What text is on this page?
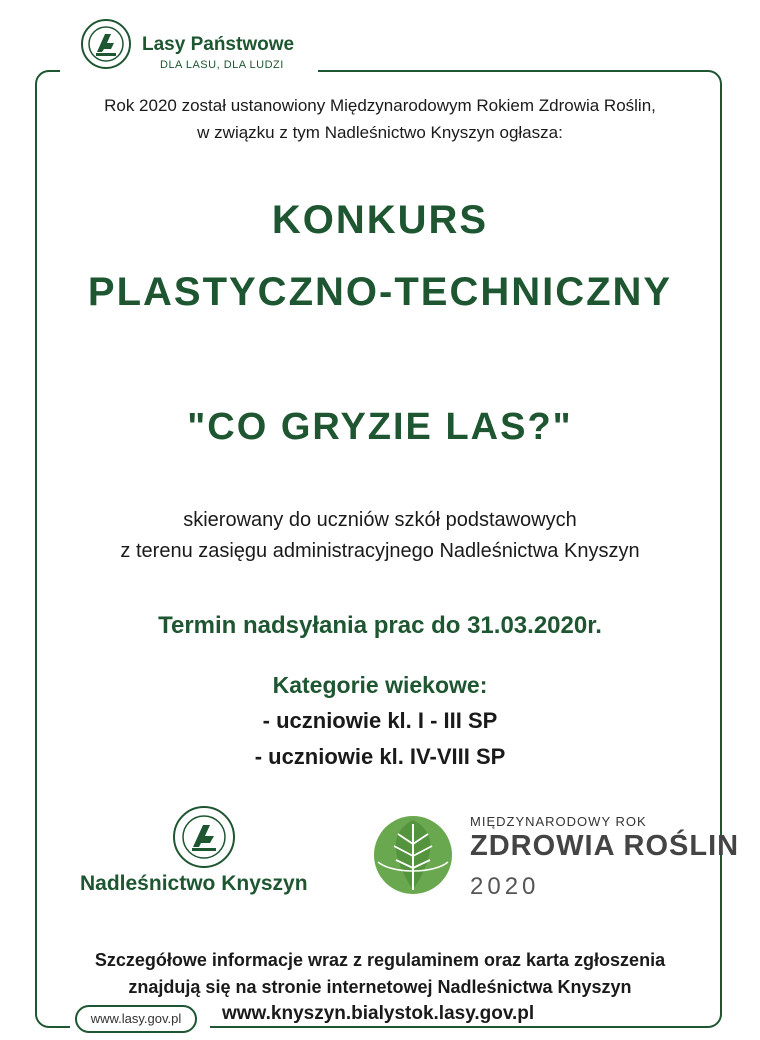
Lasy Państwowe
DLA LASU, DLA LUDZI
Rok 2020 został ustanowiony Międzynarodowym Rokiem Zdrowia Roślin,
w związku z tym Nadleśnictwo Knyszyn ogłasza:
KONKURS
PLASTYCZNO-TECHNICZNY
"CO GRYZIE LAS?"
skierowany do uczniów szkół podstawowych
z terenu zasięgu administracyjnego Nadleśnictwa Knyszyn
Termin nadsyłania prac do 31.03.2020r.
Kategorie wiekowe:
- uczniowie kl. I - III SP
- uczniowie kl. IV-VIII SP
Nadleśnictwo Knyszyn
MIĘDZYNARODOWY ROK
ZDROWIA ROŚLIN
2020
Szczegółowe informacje wraz z regulaminem oraz karta zgłoszenia
znajdują się na stronie internetowej Nadleśnictwa Knyszyn
www.lasy.gov.pl	www.knyszyn.bialystok.lasy.gov.pl
